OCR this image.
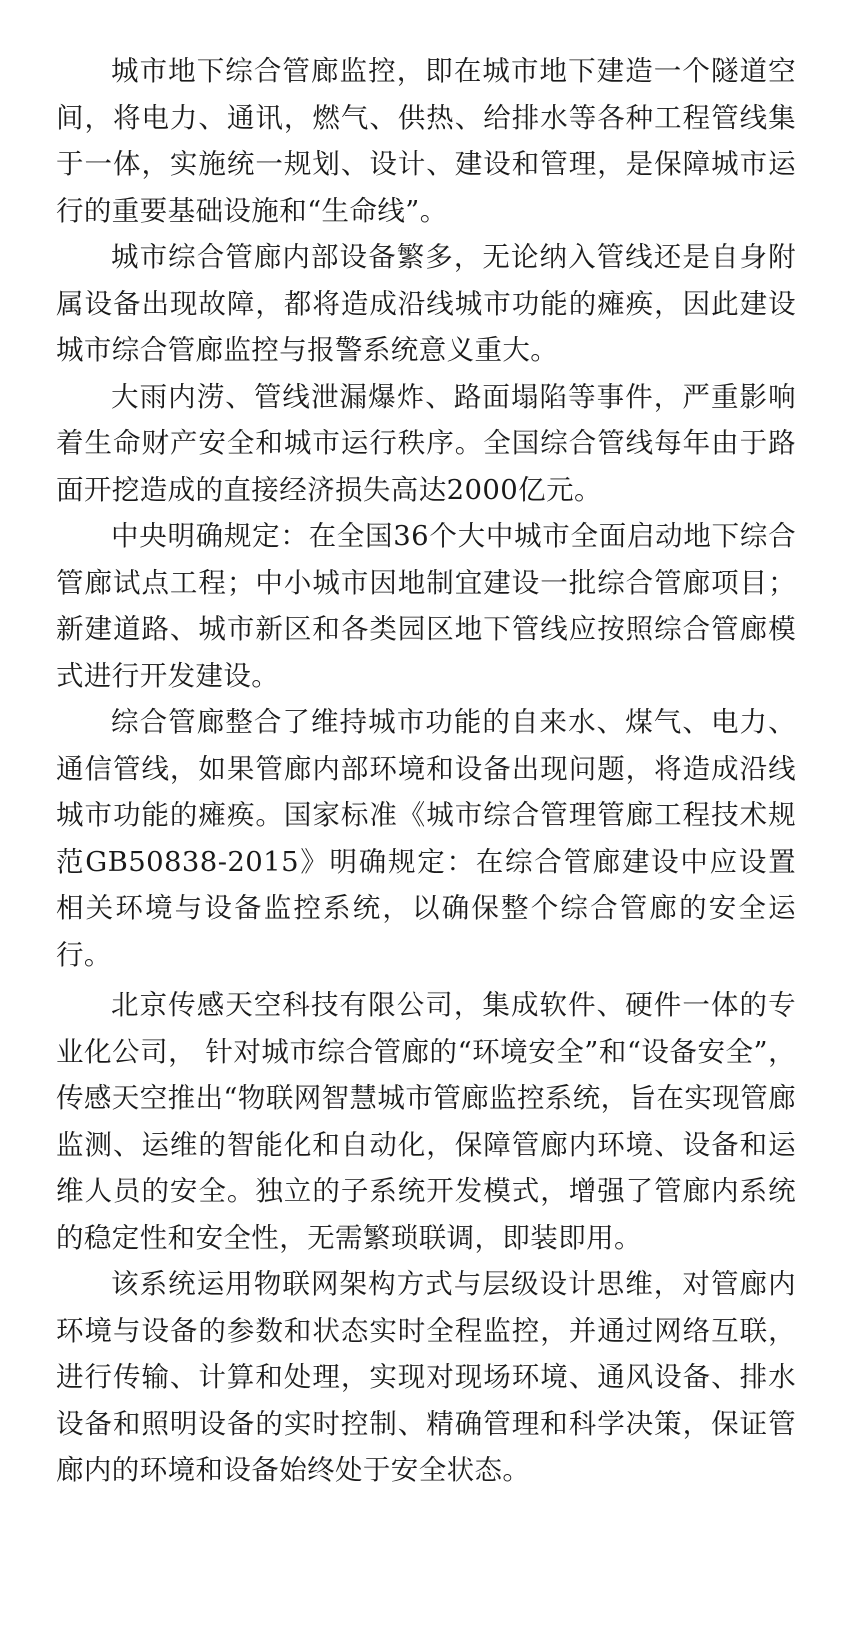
城市地下综合管廊监控，即在城市地下建造一个隧道空间，将电力、通讯，燃气、供热、给排水等各种工程管线集于一体，实施统一规划、设计、建设和管理，是保障城市运行的重要基础设施和“生命线”。

城市综合管廊内部设备繁多，无论纳入管线还是自身附属设备出现故障，都将造成沿线城市功能的瘫痪，因此建设城市综合管廊监控与报警系统意义重大。

大雨内涝、管线泄漏爆炸、路面塌陷等事件，严重影响着生命财产安全和城市运行秩序。全国综合管线每年由于路面开挖造成的直接经济损失高达2000亿元。

中央明确规定：在全国36个大中城市全面启动地下综合管廊试点工程；中小城市因地制宜建设一批综合管廊项目；新建道路、城市新区和各类园区地下管线应按照综合管廊模式进行开发建设。

综合管廊整合了维持城市功能的自来水、煤气、电力、通信管线，如果管廊内部环境和设备出现问题，将造成沿线城市功能的瘫痪。国家标准《城市综合管理管廊工程技术规范GB50838-2015》明确规定：在综合管廊建设中应设置相关环境与设备监控系统，以确保整个综合管廊的安全运行。

北京传感天空科技有限公司，集成软件、硬件一体的专业化公司， 针对城市综合管廊的“环境安全”和“设备安全”，传感天空推出“物联网智慧城市管廊监控系统，旨在实现管廊监测、运维的智能化和自动化，保障管廊内环境、设备和运维人员的安全。独立的子系统开发模式，增强了管廊内系统的稳定性和安全性，无需繁琐联调，即装即用。

该系统运用物联网架构方式与层级设计思维，对管廊内环境与设备的参数和状态实时全程监控，并通过网络互联，进行传输、计算和处理，实现对现场环境、通风设备、排水设备和照明设备的实时控制、精确管理和科学决策，保证管廊内的环境和设备始终处于安全状态。
